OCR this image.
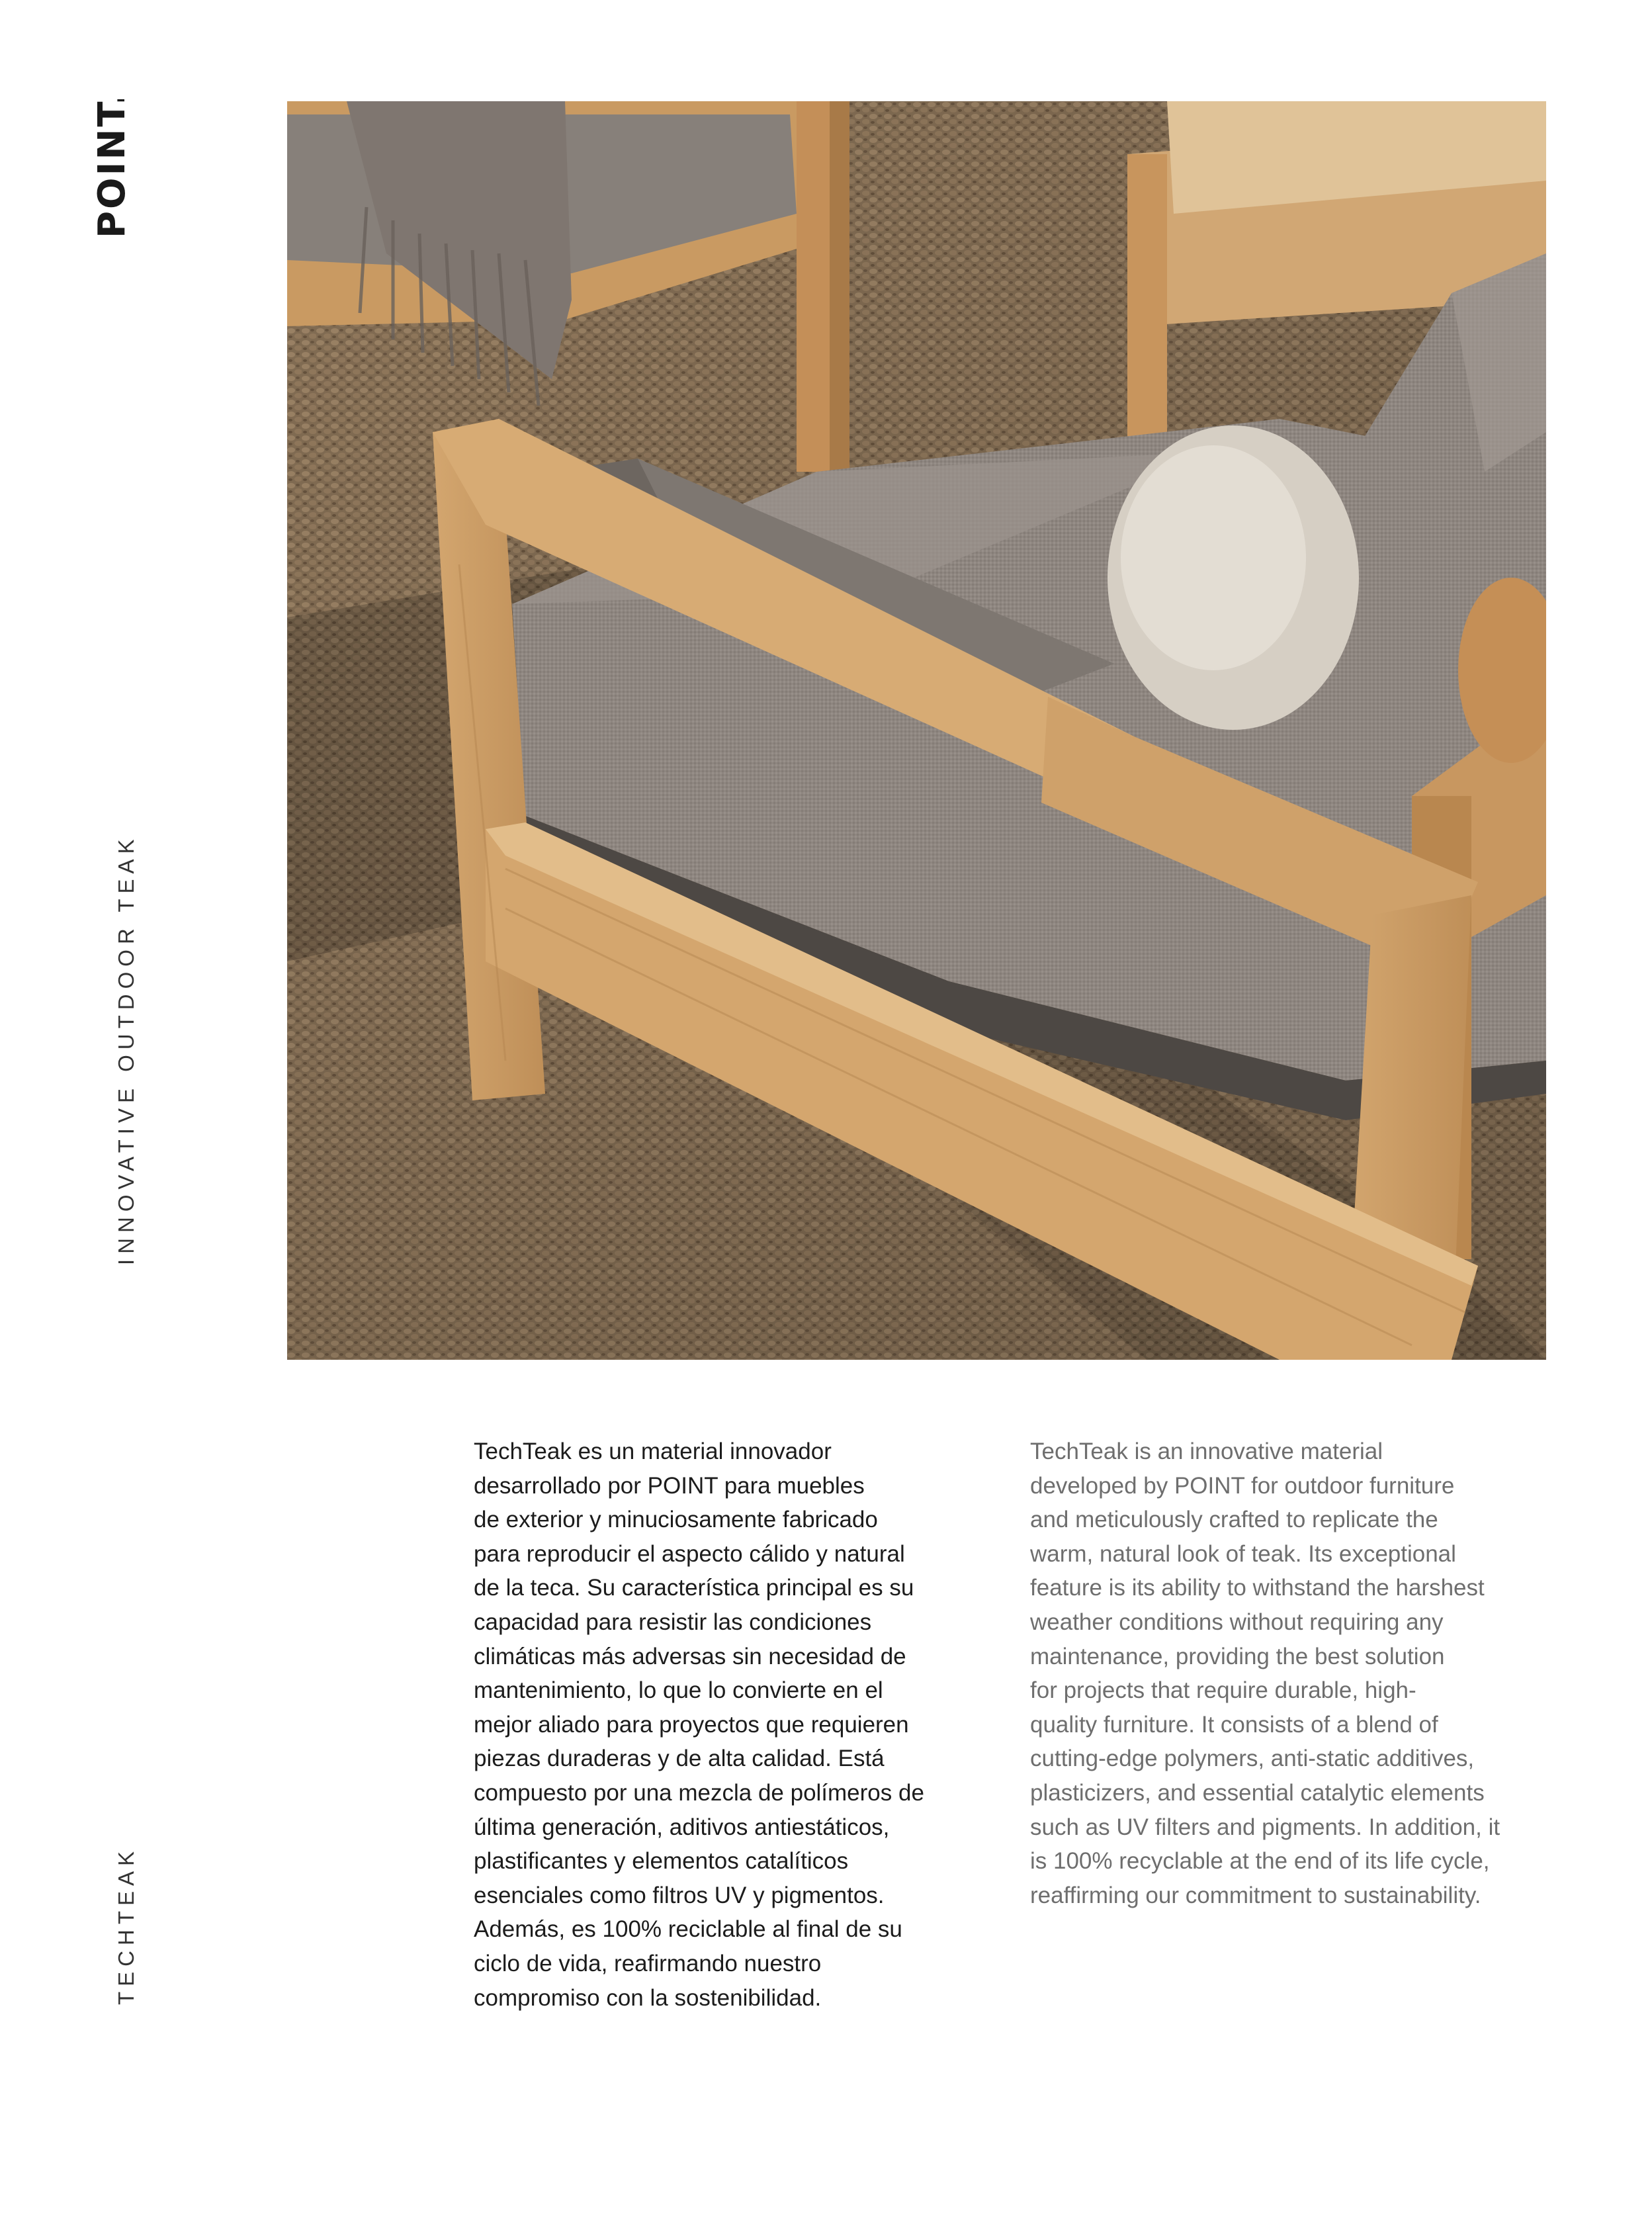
POINT.
INNOVATIVE OUTDOOR TEAK
TECHTEAK

TechTeak es un material innovador

desarrollado por POINT para muebles

de exterior y minuciosamente fabricado

para reproducir el aspecto cálido y natural

de la teca. Su característica principal es su

capacidad para resistir las condiciones

climáticas más adversas sin necesidad de

mantenimiento, lo que lo convierte en el

mejor aliado para proyectos que requieren

piezas duraderas y de alta calidad. Está

compuesto por una mezcla de polímeros de

última generación, aditivos antiestáticos,

plastificantes y elementos catalíticos

esenciales como filtros UV y pigmentos.

Además, es 100% reciclable al final de su

ciclo de vida, reafirmando nuestro

compromiso con la sostenibilidad.

TechTeak is an innovative material

developed by POINT for outdoor furniture

and meticulously crafted to replicate the

warm, natural look of teak. Its exceptional

feature is its ability to withstand the harshest

weather conditions without requiring any

maintenance, providing the best solution

for projects that require durable, high-

quality furniture. It consists of a blend of

cutting-edge polymers, anti-static additives,

plasticizers, and essential catalytic elements

such as UV filters and pigments. In addition, it

is 100% recyclable at the end of its life cycle,

reaffirming our commitment to sustainability.
